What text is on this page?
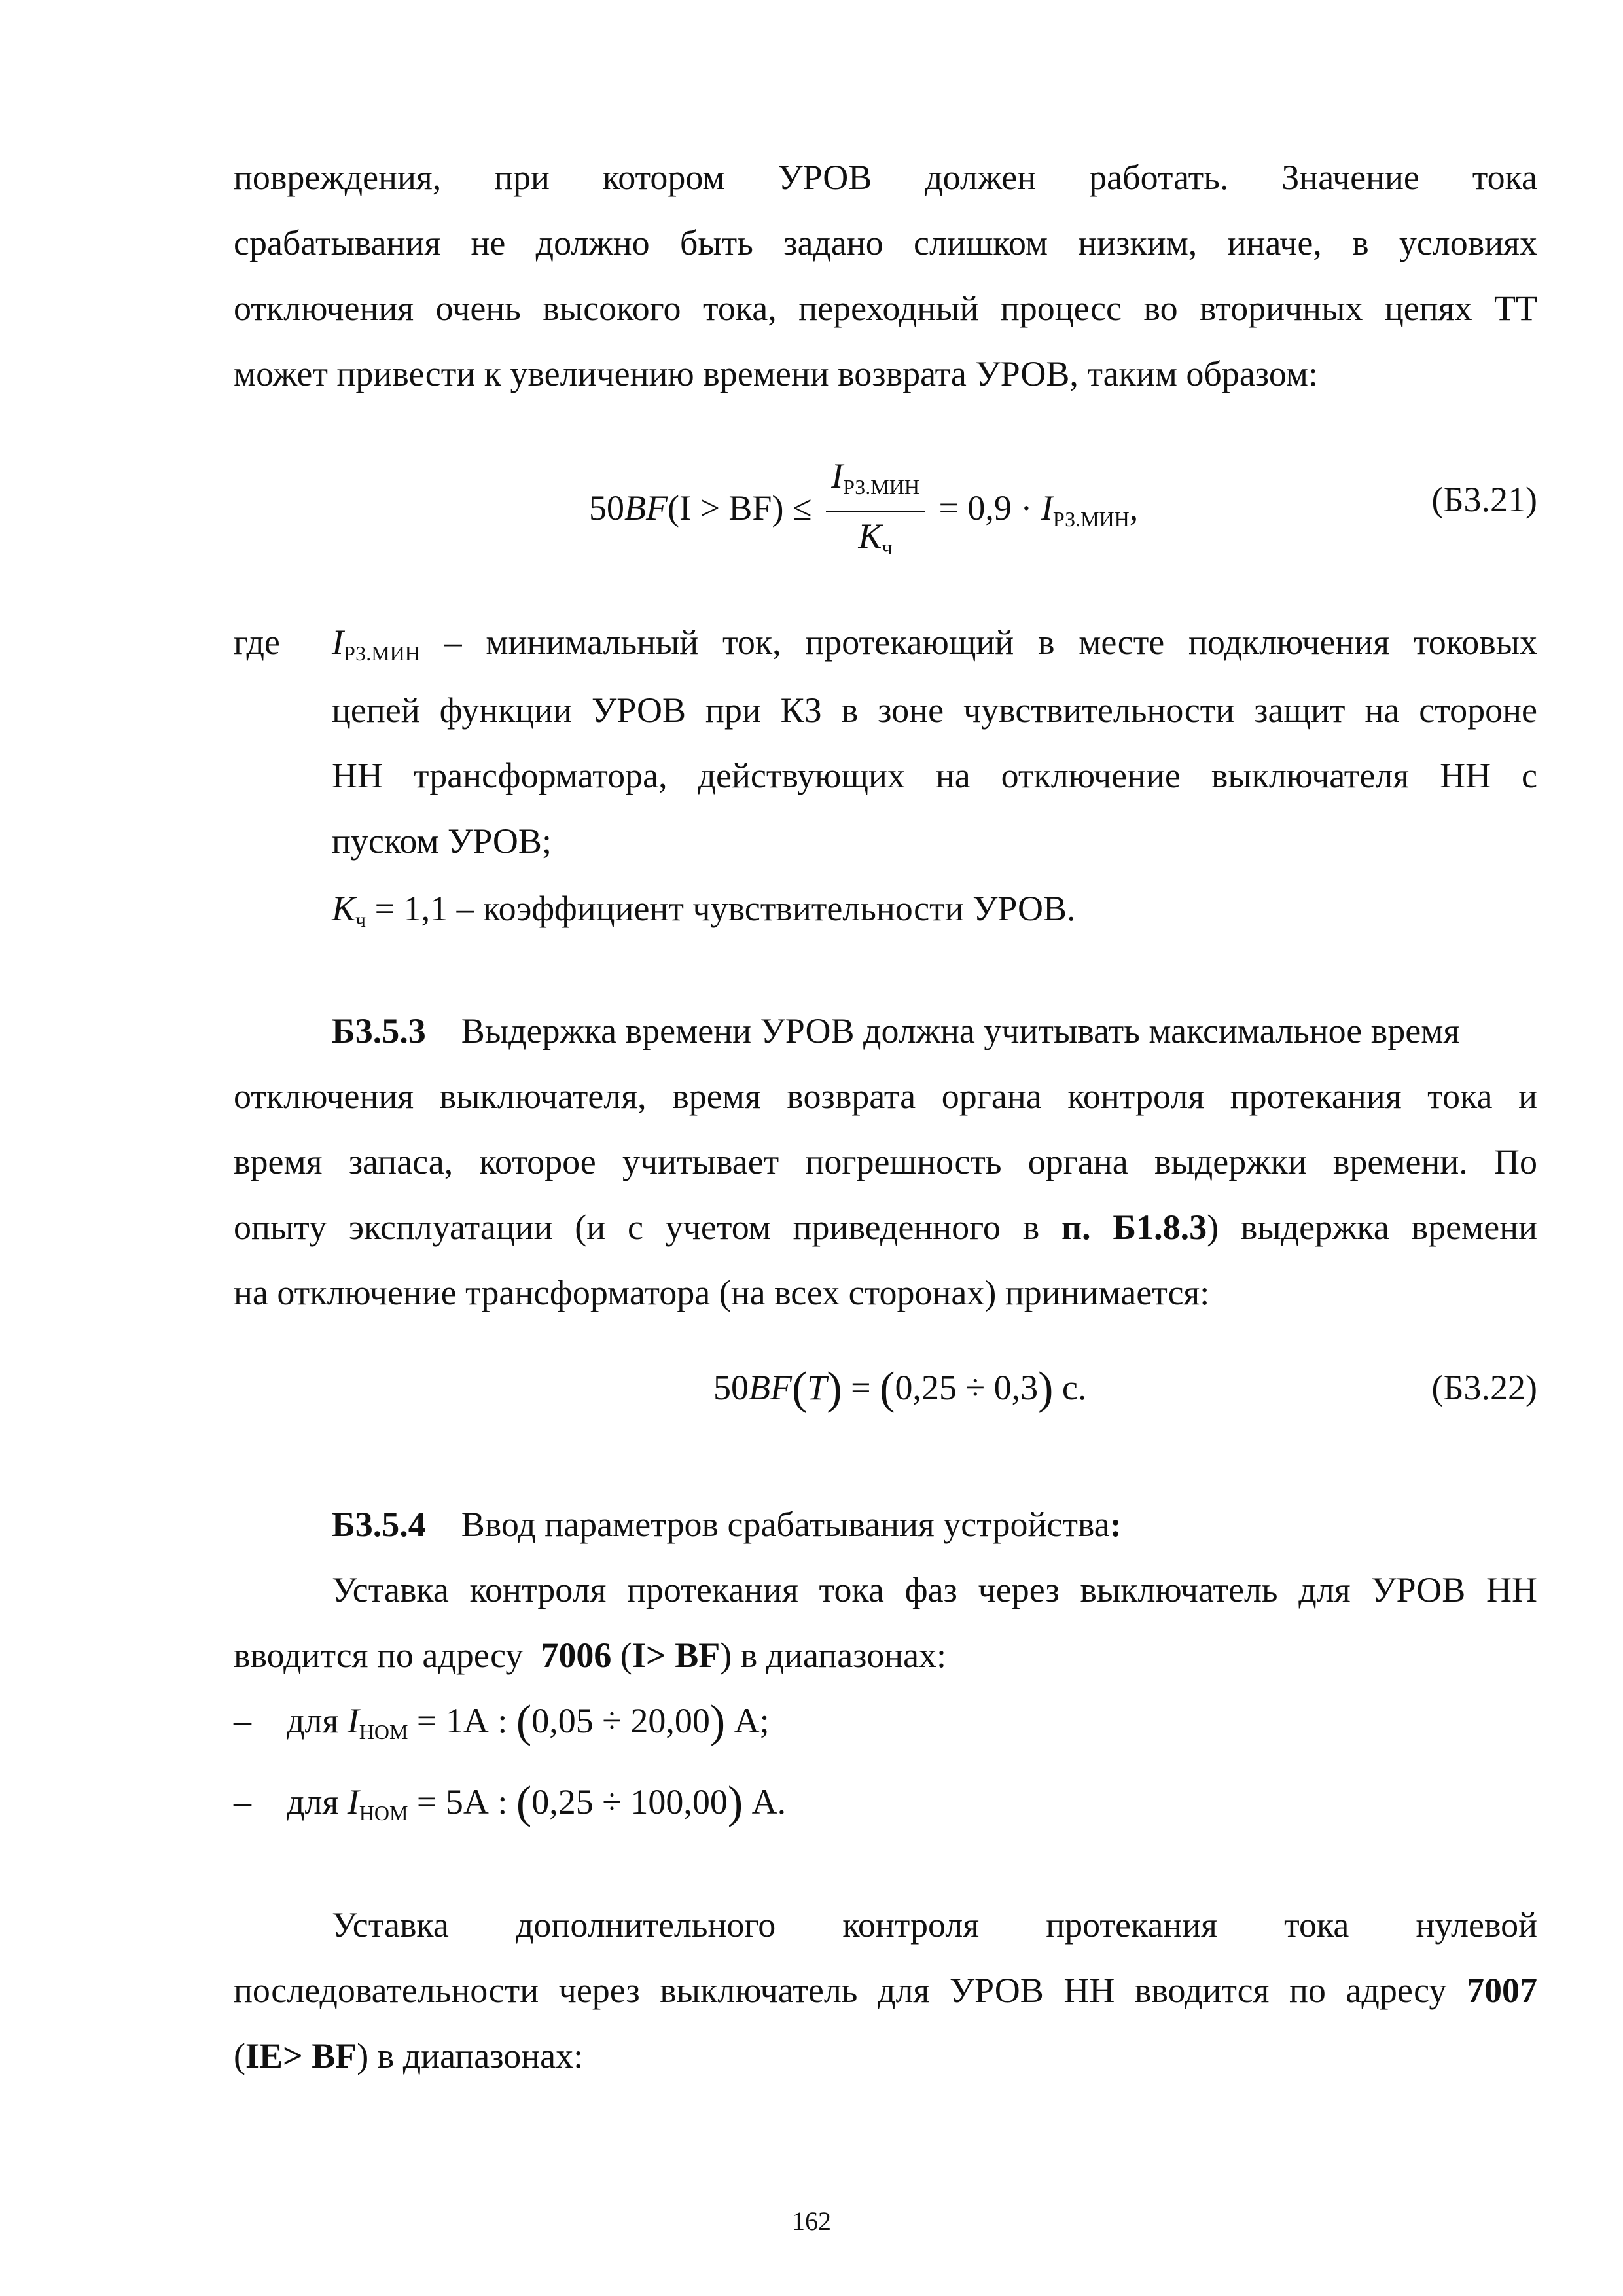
повреждения, при котором УРОВ должен работать. Значение тока
срабатывания не должно быть задано слишком низким, иначе, в условиях
отключения очень высокого тока, переходный процесс во вторичных цепях ТТ
может привести к увеличению времени возврата УРОВ, таким образом:
$50BF(I > BF) \le \frac{I_{РЗ.МИН}}{K_ч} = 0,9 \cdot I_{РЗ.МИН}$,	(Б3.21)
где $I_{РЗ.МИН}$ – минимальный ток, протекающий в месте подключения токовых
цепей функции УРОВ при КЗ в зоне чувствительности защит на стороне
НН трансформатора, действующих на отключение выключателя НН с
пуском УРОВ;
$K_ч = 1,1$ – коэффициент чувствительности УРОВ.
Б3.5.3 Выдержка времени УРОВ должна учитывать максимальное время
отключения выключателя, время возврата органа контроля протекания тока и
время запаса, которое учитывает погрешность органа выдержки времени. По
опыту эксплуатации (и с учетом приведенного в п. Б1.8.3) выдержка времени
на отключение трансформатора (на всех сторонах) принимается:
50BF(T) = (0,25 ÷ 0,3) с.	(Б3.22)
Б3.5.4 Ввод параметров срабатывания устройства:
Уставка контроля протекания тока фаз через выключатель для УРОВ НН
вводится по адресу 7006 (I> BF) в диапазонах:
– для $I_{НОМ} = 1А$ : (0,05 ÷ 20,00) А;
– для $I_{НОМ} = 5А$ : (0,25 ÷ 100,00) А.
Уставка дополнительного контроля протекания тока нулевой
последовательности через выключатель для УРОВ НН вводится по адресу 7007
(IE> BF) в диапазонах:
162
